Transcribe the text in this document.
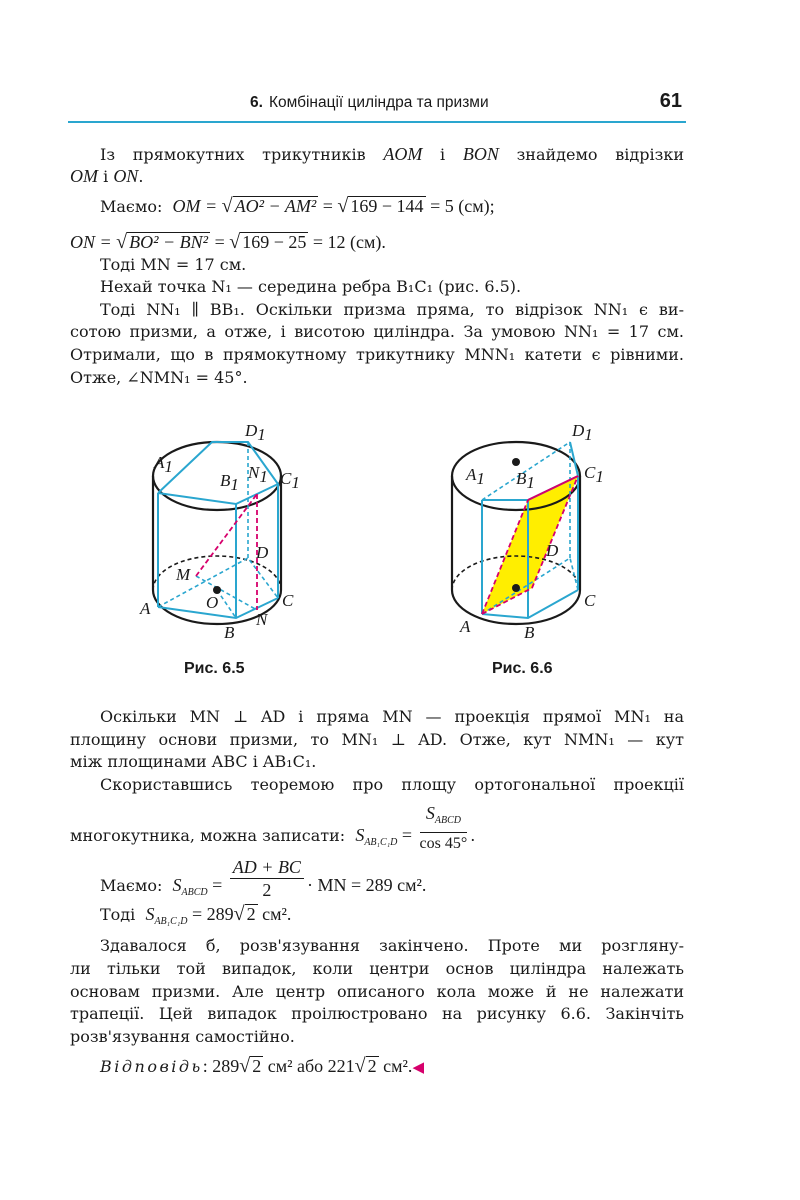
6. Комбінації циліндра та призми	61
Із прямокутних трикутників AOM і BON знайдемо відрізки
OM і ON.
Маємо: OM = √ AO² − AM² = √ 169 − 144 = 5 (см);
ON = √ BO² − BN² = √ 169 − 25 = 12 (см).
Тоді MN = 17 см.
Нехай точка N₁ — середина ребра B₁C₁ (рис. 6.5).
Тоді NN₁ ∥ BB₁. Оскільки призма пряма, то відрізок NN₁ є ви-
сотою призми, а отже, і висотою циліндра. За умовою NN₁ = 17 см.
Отримали, що в прямокутному трикутнику MNN₁ катети є рівними.
Отже, ∠NMN₁ = 45°.
D1
A1
B1
N1 C1
D
M
O
A	C
N
B
Рис. 6.5
D1
A1 B1
C1
D
C
A	B
Рис. 6.6
Оскільки MN ⊥ AD і пряма MN — проекція прямої MN₁ на
площину основи призми, то MN₁ ⊥ AD. Отже, кут NMN₁ — кут
між площинами ABC і AB₁C₁.
Скориставшись теоремою про площу ортогональної проекції
многокутника, можна записати: $S_{AB_1C_1D} = \frac{S_{ABCD}}{\cos 45^\circ}$ .
Маємо: $S_{ABCD} = \frac{AD + BC}{2}$ · MN = 289 см².
Тоді $S_{AB_1C_1D} = 289√$ 2 см².
Здавалося б, розв'язування закінчено. Проте ми розгляну-
ли тільки той випадок, коли центри основ циліндра належать
основам призми. Але центр описаного кола може й не належати
трапеції. Цей випадок проілюстровано на рисунку 6.6. Закінчіть
розв'язування самостійно.
Відповідь: 289√ 2 см² або 221√ 2 см².◀
